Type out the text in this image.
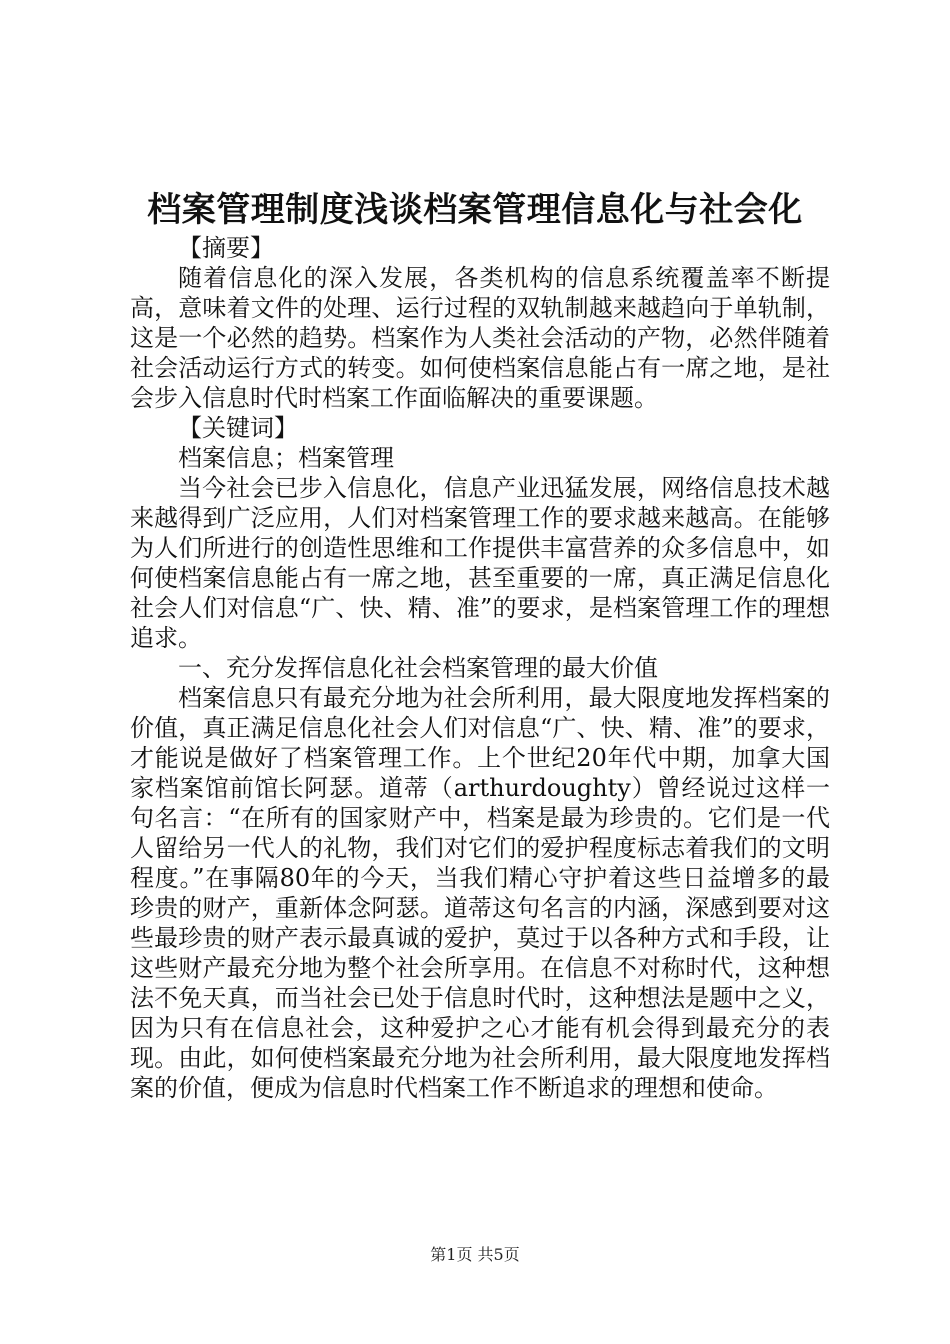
档案管理制度浅谈档案管理信息化与社会化

【摘要】

随着信息化的深入发展，各类机构的信息系统覆盖率不断提高，意味着文件的处理、运行过程的双轨制越来越趋向于单轨制，这是一个必然的趋势。档案作为人类社会活动的产物，必然伴随着社会活动运行方式的转变。如何使档案信息能占有一席之地，是社会步入信息时代时档案工作面临解决的重要课题。

【关键词】

档案信息；档案管理

当今社会已步入信息化，信息产业迅猛发展，网络信息技术越来越得到广泛应用，人们对档案管理工作的要求越来越高。在能够为人们所进行的创造性思维和工作提供丰富营养的众多信息中，如何使档案信息能占有一席之地，甚至重要的一席，真正满足信息化社会人们对信息“广、快、精、准”的要求，是档案管理工作的理想追求。

一、充分发挥信息化社会档案管理的最大价值

档案信息只有最充分地为社会所利用，最大限度地发挥档案的价值，真正满足信息化社会人们对信息“广、快、精、准”的要求，才能说是做好了档案管理工作。上个世纪20年代中期，加拿大国家档案馆前馆长阿瑟。道蒂（arthurdoughty）曾经说过这样一句名言：“在所有的国家财产中，档案是最为珍贵的。它们是一代人留给另一代人的礼物，我们对它们的爱护程度标志着我们的文明程度。”在事隔80年的今天，当我们精心守护着这些日益增多的最珍贵的财产，重新体念阿瑟。道蒂这句名言的内涵，深感到要对这些最珍贵的财产表示最真诚的爱护，莫过于以各种方式和手段，让这些财产最充分地为整个社会所享用。在信息不对称时代，这种想法不免天真，而当社会已处于信息时代时，这种想法是题中之义，因为只有在信息社会，这种爱护之心才能有机会得到最充分的表现。由此，如何使档案最充分地为社会所利用，最大限度地发挥档案的价值，便成为信息时代档案工作不断追求的理想和使命。

第1页 共5页
